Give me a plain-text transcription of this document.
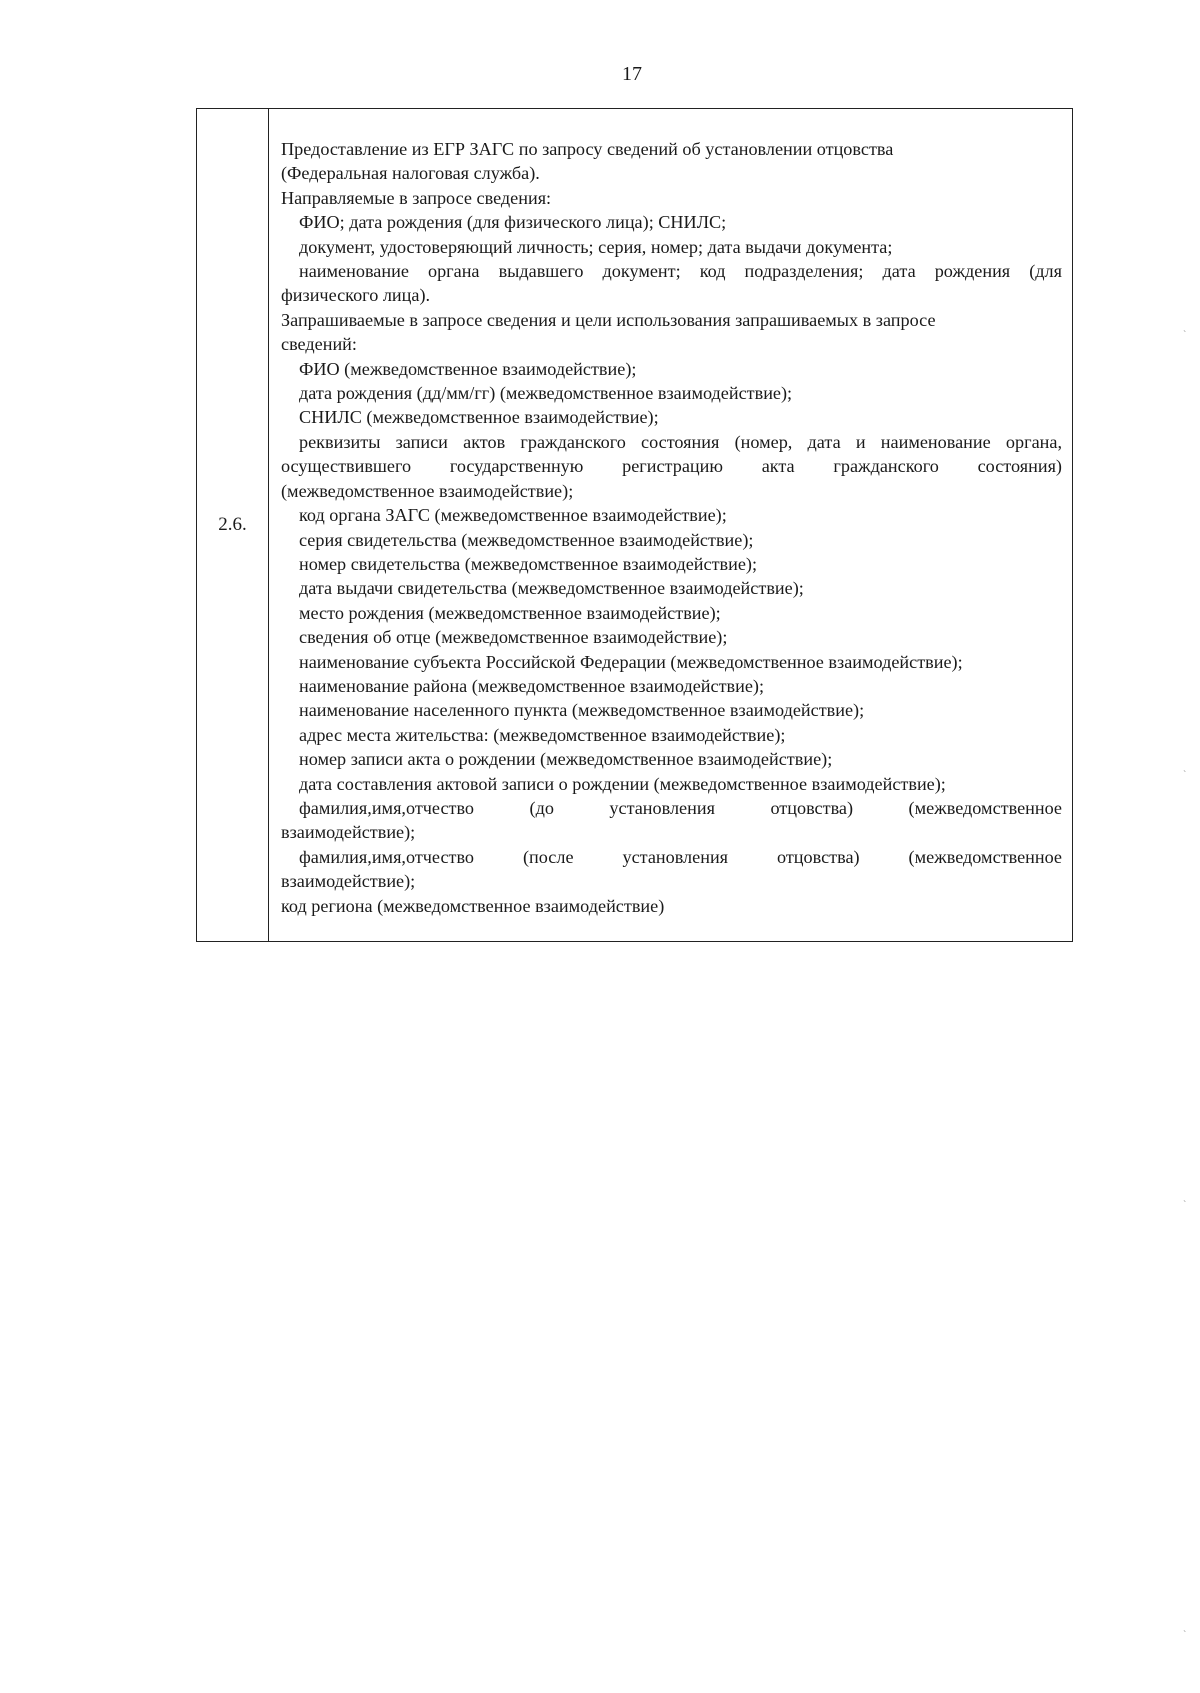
17
2.6.
Предоставление из ЕГР ЗАГС по запросу сведений об установлении отцовства
(Федеральная налоговая служба).
Направляемые в запросе сведения:
ФИО; дата рождения (для физического лица); СНИЛС;
документ, удостоверяющий личность; серия, номер; дата выдачи документа;
наименование органа выдавшего документ; код подразделения; дата рождения (для
физического лица).
Запрашиваемые в запросе сведения и цели использования запрашиваемых в запросе
сведений:
ФИО (межведомственное взаимодействие);
дата рождения (дд/мм/гг) (межведомственное взаимодействие);
СНИЛС (межведомственное взаимодействие);
реквизиты записи актов гражданского состояния (номер, дата и наименование органа,
осуществившего государственную регистрацию акта гражданского состояния)
(межведомственное взаимодействие);
код органа ЗАГС (межведомственное взаимодействие);
серия свидетельства (межведомственное взаимодействие);
номер свидетельства (межведомственное взаимодействие);
дата выдачи свидетельства (межведомственное взаимодействие);
место рождения (межведомственное взаимодействие);
сведения об отце (межведомственное взаимодействие);
наименование субъекта Российской Федерации (межведомственное взаимодействие);
наименование района (межведомственное взаимодействие);
наименование населенного пункта (межведомственное взаимодействие);
адрес места жительства: (межведомственное взаимодействие);
номер записи акта о рождении (межведомственное взаимодействие);
дата составления актовой записи о рождении (межведомственное взаимодействие);
фамилия,имя,отчество (до установления отцовства) (межведомственное
взаимодействие);
фамилия,имя,отчество (после установления отцовства) (межведомственное
взаимодействие);
код региона (межведомственное взаимодействие)
ˋ
ˋ
ˋ
ˋ
